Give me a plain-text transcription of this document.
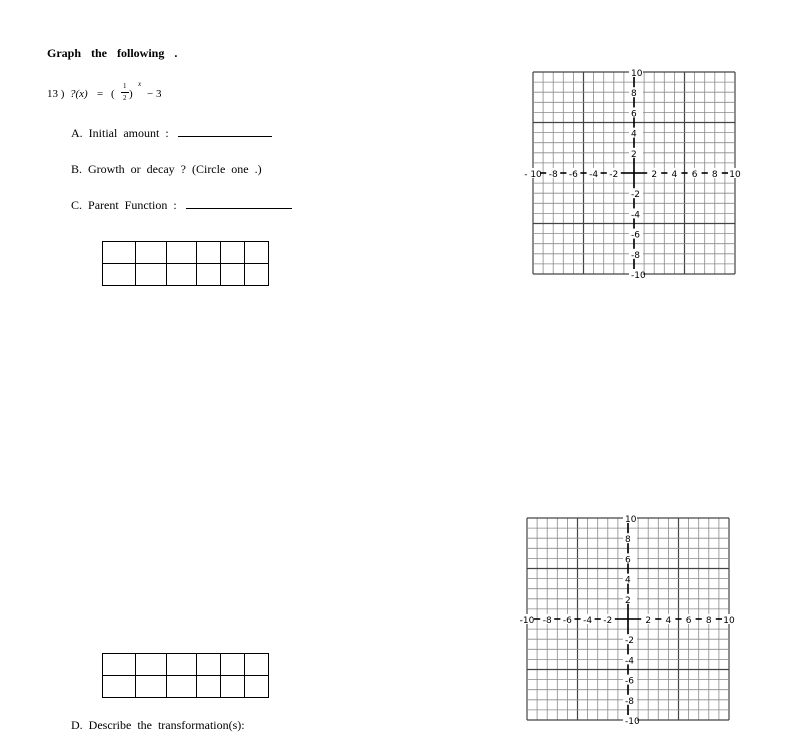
Graph the following .
13 ) ?(x) = (
1
2 )
x
− 3
A. Initial amount :
B. Growth or decay ? (Circle one .)
C. Parent Function :

D. Describe the transformation(s):
- 10 -8 -6 -4 -2	2 4 6 8 10
10
8
6
4
2
-2
-4
-6
-8
-10
-10 -8 -6 -4 -2	2 4 6 8 10
10
8
6
4
2
-2
-4
-6
-8
-10
